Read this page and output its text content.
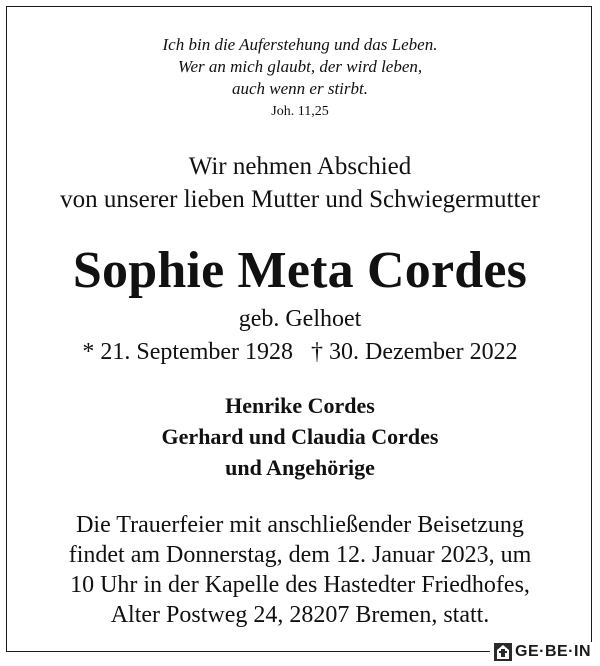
Ich bin die Auferstehung und das Leben.
Wer an mich glaubt, der wird leben,
auch wenn er stirbt.
Joh. 11,25
Wir nehmen Abschied
von unserer lieben Mutter und Schwiegermutter
Sophie Meta Cordes
geb. Gelhoet
* 21. September 1928 † 30. Dezember 2022
Henrike Cordes
Gerhard und Claudia Cordes
und Angehörige
Die Trauerfeier mit anschließender Beisetzung
findet am Donnerstag, dem 12. Januar 2023, um
10 Uhr in der Kapelle des Hastedter Friedhofes,
Alter Postweg 24, 28207 Bremen, statt.
GE·BE·IN
